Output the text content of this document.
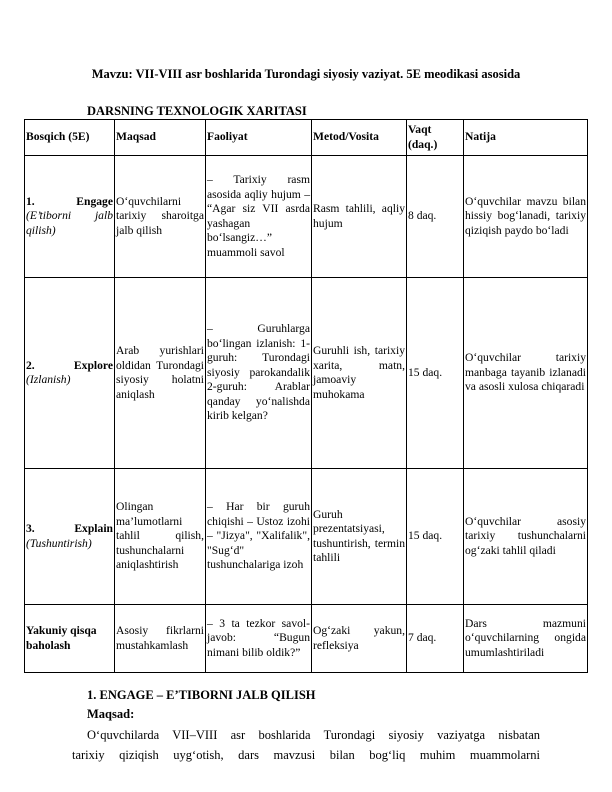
Mavzu: VII-VIII asr boshlarida Turondagi siyosiy vaziyat. 5E meodikasi asosida
DARSNING TEXNOLOGIK XARITASI
Bosqich (5E)	Maqsad	Faoliyat	Metod/Vosita	Vaqt (daq.)	Natija

1. Engage
(E’tiborni jalb qilish)	O‘quvchilarni tarixiy sharoitga jalb qilish	– Tarixiy rasm asosida aqliy hujum – “Agar siz VII asrda yashagan bo‘lsangiz…” muammoli savol	Rasm tahlili, aqliy hujum	8 daq.	O‘quvchilar mavzu bilan hissiy bog‘lanadi, tarixiy qiziqish paydo bo‘ladi

2. Explore
(Izlanish)	Arab yurishlari oldidan Turondagi siyosiy holatni aniqlash	– Guruhlarga bo‘lingan izlanish: 1-guruh: Turondagi siyosiy parokandalik 2-guruh: Arablar qanday yo‘nalishda kirib kelgan?	Guruhli ish, tarixiy xarita, matn, jamoaviy muhokama	15 daq.	O‘quvchilar tarixiy manbaga tayanib izlanadi va asosli xulosa chiqaradi

3. Explain
(Tushuntirish)	Olingan ma’lumotlarni tahlil qilish, tushunchalarni aniqlashtirish	– Har bir guruh chiqishi – Ustoz izohi – "Jizya", "Xalifalik", "Sug‘d" tushunchalariga izoh	Guruh prezentatsiyasi, tushuntirish, termin tahlili	15 daq.	O‘quvchilar asosiy tarixiy tushunchalarni og‘zaki tahlil qiladi

Yakuniy qisqa baholash	Asosiy fikrlarni mustahkamlash	– 3 ta tezkor savol-javob: “Bugun nimani bilib oldik?”	Og‘zaki yakun, refleksiya	7 daq.	Dars mazmuni o‘quvchilarning ongida umumlashtiriladi
1. ENGAGE – E’TIBORNI JALB QILISH
Maqsad:
O‘quvchilarda VII–VIII asr boshlarida Turondagi siyosiy vaziyatga nisbatan
tarixiy qiziqish uyg‘otish, dars mavzusi bilan bog‘liq muhim muammolarni
